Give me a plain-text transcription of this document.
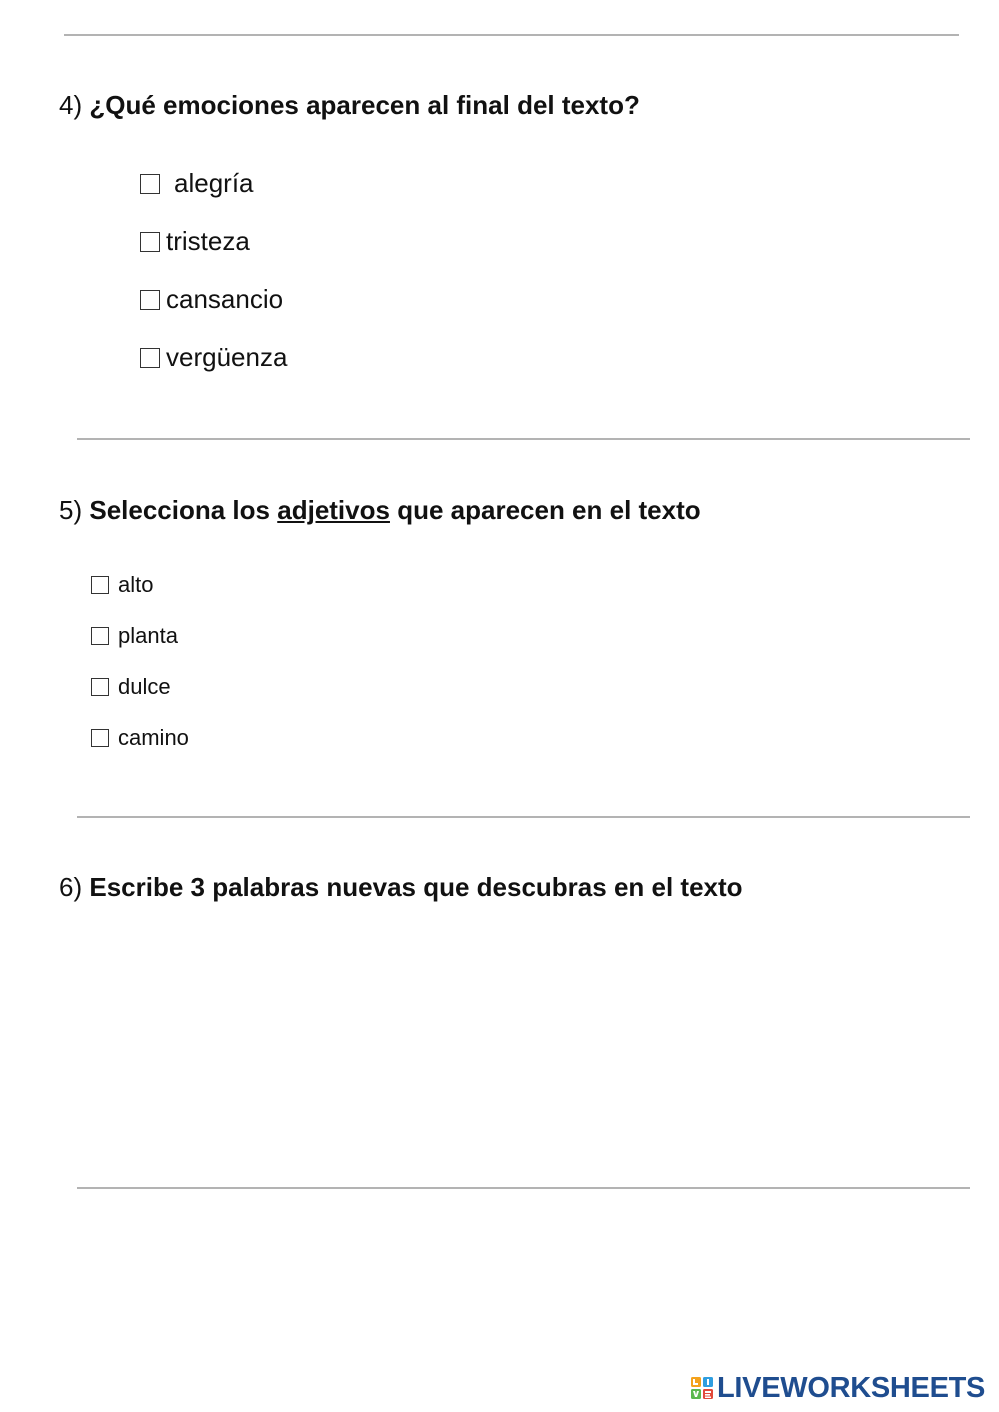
4) ¿Qué emociones aparecen al final del texto?
alegría
tristeza
cansancio
vergüenza
5) Selecciona los adjetivos que aparecen en el texto
alto
planta
dulce
camino
6) Escribe 3 palabras nuevas que descubras en el texto
LIVEWORKSHEETS
